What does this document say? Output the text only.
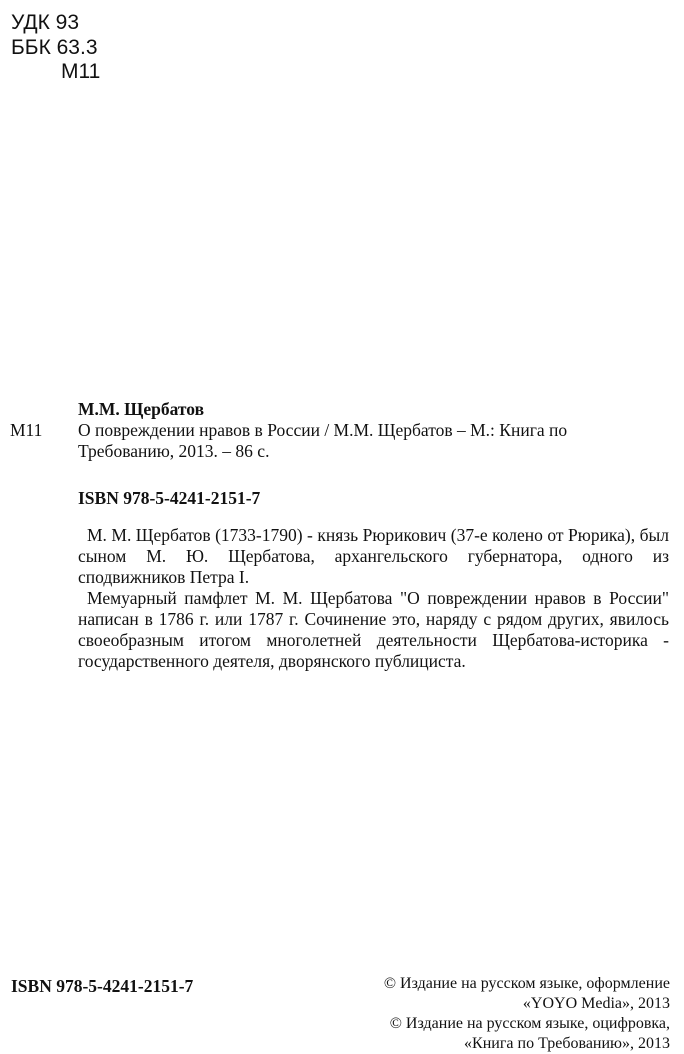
УДК 93
ББК 63.3
М11
М11

М.М. Щербатов

О повреждении нравов в России / М.М. Щербатов – М.: Книга по Требованию, 2013. – 86 с.

ISBN 978-5-4241-2151-7

М. М. Щербатов (1733-1790) - князь Рюрикович (37-е колено от Рюрика), был сыном М. Ю. Щербатова, архангельского губернатора, одного из сподвижников Петра I.

Мемуарный памфлет М. М. Щербатова "О повреждении нравов в России" написан в 1786 г. или 1787 г. Сочинение это, наряду с рядом других, явилось своеобразным итогом многолетней деятельности Щербатова-историка - государственного деятеля, дворянского публициста.

ISBN 978-5-4241-2151-7	© Издание на русском языке, оформление
«YOYO Media», 2013
© Издание на русском языке, оцифровка,
«Книга по Требованию», 2013
